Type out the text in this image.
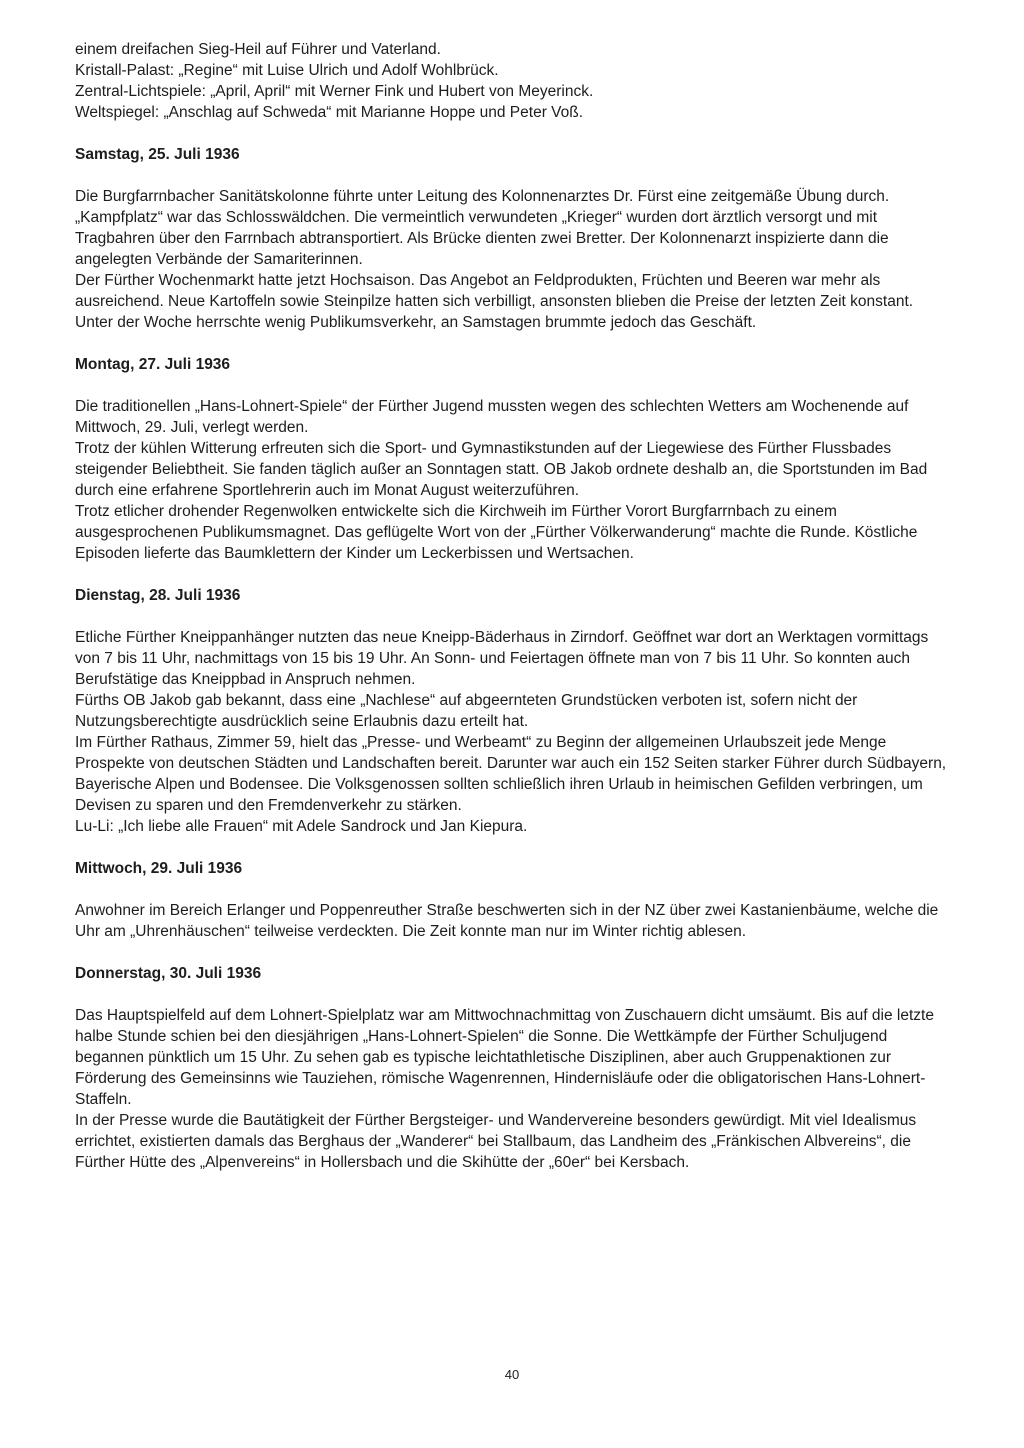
einem dreifachen Sieg-Heil auf Führer und Vaterland.

Kristall-Palast: „Regine“ mit Luise Ulrich und Adolf Wohlbrück.

Zentral-Lichtspiele: „April, April“ mit Werner Fink und Hubert von Meyerinck.

Weltspiegel: „Anschlag auf Schweda“ mit Marianne Hoppe und Peter Voß.

Samstag, 25. Juli 1936

Die Burgfarrnbacher Sanitätskolonne führte unter Leitung des Kolonnenarztes Dr. Fürst eine zeitgemäße Übung durch. „Kampfplatz“ war das Schlosswäldchen. Die vermeintlich verwundeten „Krieger“ wurden dort ärztlich versorgt und mit Tragbahren über den Farrnbach abtransportiert. Als Brücke dienten zwei Bretter. Der Kolonnenarzt inspizierte dann die angelegten Verbände der Samariterinnen.

Der Fürther Wochenmarkt hatte jetzt Hochsaison. Das Angebot an Feldprodukten, Früchten und Beeren war mehr als ausreichend. Neue Kartoffeln sowie Steinpilze hatten sich verbilligt, ansonsten blieben die Preise der letzten Zeit konstant. Unter der Woche herrschte wenig Publikumsverkehr, an Samstagen brummte jedoch das Geschäft.

Montag, 27. Juli 1936

Die traditionellen „Hans-Lohnert-Spiele“ der Fürther Jugend mussten wegen des schlechten Wetters am Wochenende auf Mittwoch, 29. Juli, verlegt werden.

Trotz der kühlen Witterung erfreuten sich die Sport- und Gymnastikstunden auf der Liegewiese des Fürther Flussbades steigender Beliebtheit. Sie fanden täglich außer an Sonntagen statt. OB Jakob ordnete deshalb an, die Sportstunden im Bad durch eine erfahrene Sportlehrerin auch im Monat August weiterzuführen.

Trotz etlicher drohender Regenwolken entwickelte sich die Kirchweih im Fürther Vorort Burgfarrnbach zu einem ausgesprochenen Publikumsmagnet. Das geflügelte Wort von der „Fürther Völkerwanderung“ machte die Runde. Köstliche Episoden lieferte das Baumklettern der Kinder um Leckerbissen und Wertsachen.

Dienstag, 28. Juli 1936

Etliche Fürther Kneippanhänger nutzten das neue Kneipp-Bäderhaus in Zirndorf. Geöffnet war dort an Werktagen vormittags von 7 bis 11 Uhr, nachmittags von 15 bis 19 Uhr. An Sonn- und Feiertagen öffnete man von 7 bis 11 Uhr. So konnten auch Berufstätige das Kneippbad in Anspruch nehmen.

Fürths OB Jakob gab bekannt, dass eine „Nachlese“ auf abgeernteten Grundstücken verboten ist, sofern nicht der Nutzungsberechtigte ausdrücklich seine Erlaubnis dazu erteilt hat.

Im Fürther Rathaus, Zimmer 59, hielt das „Presse- und Werbeamt“ zu Beginn der allgemeinen Urlaubszeit jede Menge Prospekte von deutschen Städten und Landschaften bereit. Darunter war auch ein 152 Seiten starker Führer durch Südbayern, Bayerische Alpen und Bodensee. Die Volksgenossen sollten schließlich ihren Urlaub in heimischen Gefilden verbringen, um Devisen zu sparen und den Fremdenverkehr zu stärken.

Lu-Li: „Ich liebe alle Frauen“ mit Adele Sandrock und Jan Kiepura.

Mittwoch, 29. Juli 1936

Anwohner im Bereich Erlanger und Poppenreuther Straße beschwerten sich in der NZ über zwei Kastanienbäume, welche die Uhr am „Uhrenhäuschen“ teilweise verdeckten. Die Zeit konnte man nur im Winter richtig ablesen.

Donnerstag, 30. Juli 1936

Das Hauptspielfeld auf dem Lohnert-Spielplatz war am Mittwochnachmittag von Zuschauern dicht umsäumt. Bis auf die letzte halbe Stunde schien bei den diesjährigen „Hans-Lohnert-Spielen“ die Sonne. Die Wettkämpfe der Fürther Schuljugend begannen pünktlich um 15 Uhr. Zu sehen gab es typische leichtathletische Disziplinen, aber auch Gruppenaktionen zur Förderung des Gemeinsinns wie Tauziehen, römische Wagenrennen, Hindernisläufe oder die obligatorischen Hans-Lohnert-Staffeln.

In der Presse wurde die Bautätigkeit der Fürther Bergsteiger- und Wandervereine besonders gewürdigt. Mit viel Idealismus errichtet, existierten damals das Berghaus der „Wanderer“ bei Stallbaum, das Landheim des „Fränkischen Albvereins“, die Fürther Hütte des „Alpenvereins“ in Hollersbach und die Skihütte der „60er“ bei Kersbach.

40
